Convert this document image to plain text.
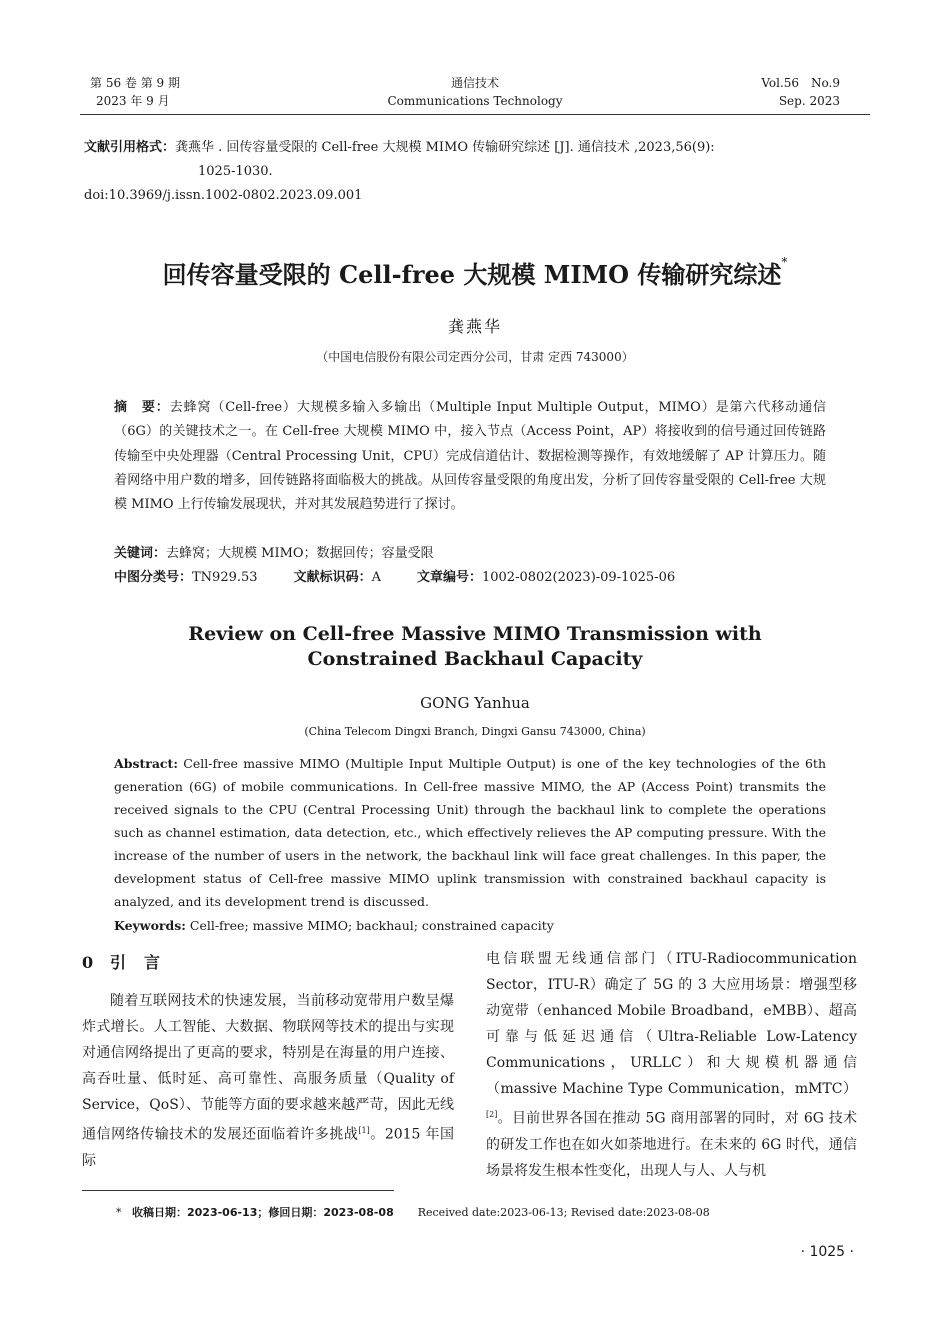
第 56 卷 第 9 期
2023 年 9 月
通信技术
Communications Technology
Vol.56　No.9
Sep. 2023
文献引用格式：龚燕华 . 回传容量受限的 Cell-free 大规模 MIMO 传输研究综述 [J]. 通信技术 ,2023,56(9):
1025-1030.
doi:10.3969/j.issn.1002-0802.2023.09.001
回传容量受限的 Cell-free 大规模 MIMO 传输研究综述*
龚燕华
（中国电信股份有限公司定西分公司，甘肃 定西 743000）
摘　要：去蜂窝（Cell-free）大规模多输入多输出（Multiple Input Multiple Output，MIMO）是第六代移动通信（6G）的关键技术之一。在 Cell-free 大规模 MIMO 中，接入节点（Access Point，AP）将接收到的信号通过回传链路传输至中央处理器（Central Processing Unit，CPU）完成信道估计、数据检测等操作，有效地缓解了 AP 计算压力。随着网络中用户数的增多，回传链路将面临极大的挑战。从回传容量受限的角度出发，分析了回传容量受限的 Cell-free 大规模 MIMO 上行传输发展现状，并对其发展趋势进行了探讨。
关键词：去蜂窝；大规模 MIMO；数据回传；容量受限
中图分类号：TN929.53	文献标识码：A	文章编号：1002-0802(2023)-09-1025-06
Review on Cell-free Massive MIMO Transmission with
Constrained Backhaul Capacity
GONG Yanhua
(China Telecom Dingxi Branch, Dingxi Gansu 743000, China)
Abstract: Cell-free massive MIMO (Multiple Input Multiple Output) is one of the key technologies of the 6th generation (6G) of mobile communications. In Cell-free massive MIMO, the AP (Access Point) transmits the received signals to the CPU (Central Processing Unit) through the backhaul link to complete the operations such as channel estimation, data detection, etc., which effectively relieves the AP computing pressure. With the increase of the number of users in the network, the backhaul link will face great challenges. In this paper, the development status of Cell-free massive MIMO uplink transmission with constrained backhaul capacity is analyzed, and its development trend is discussed.
Keywords: Cell-free; massive MIMO; backhaul; constrained capacity
0 引言
随着互联网技术的快速发展，当前移动宽带用户数呈爆炸式增长。人工智能、大数据、物联网等技术的提出与实现对通信网络提出了更高的要求，特别是在海量的用户连接、高吞吐量、低时延、高可靠性、高服务质量（Quality of Service，QoS）、节能等方面的要求越来越严苛，因此无线通信网络传输技术的发展还面临着许多挑战[1]。2015 年国际
电信联盟无线通信部门（ITU-Radiocommunication Sector，ITU-R）确定了 5G 的 3 大应用场景：增强型移动宽带（enhanced Mobile Broadband，eMBB）、超高可靠与低延迟通信（Ultra-Reliable Low-Latency Communications，URLLC）和大规模机器通信（massive Machine Type Communication，mMTC）[2]。目前世界各国在推动 5G 商用部署的同时，对 6G 技术的研发工作也在如火如荼地进行。在未来的 6G 时代，通信场景将发生根本性变化，出现人与人、人与机
* 收稿日期：2023-06-13；修回日期：2023-08-08 Received date:2023-06-13; Revised date:2023-08-08
· 1025 ·
